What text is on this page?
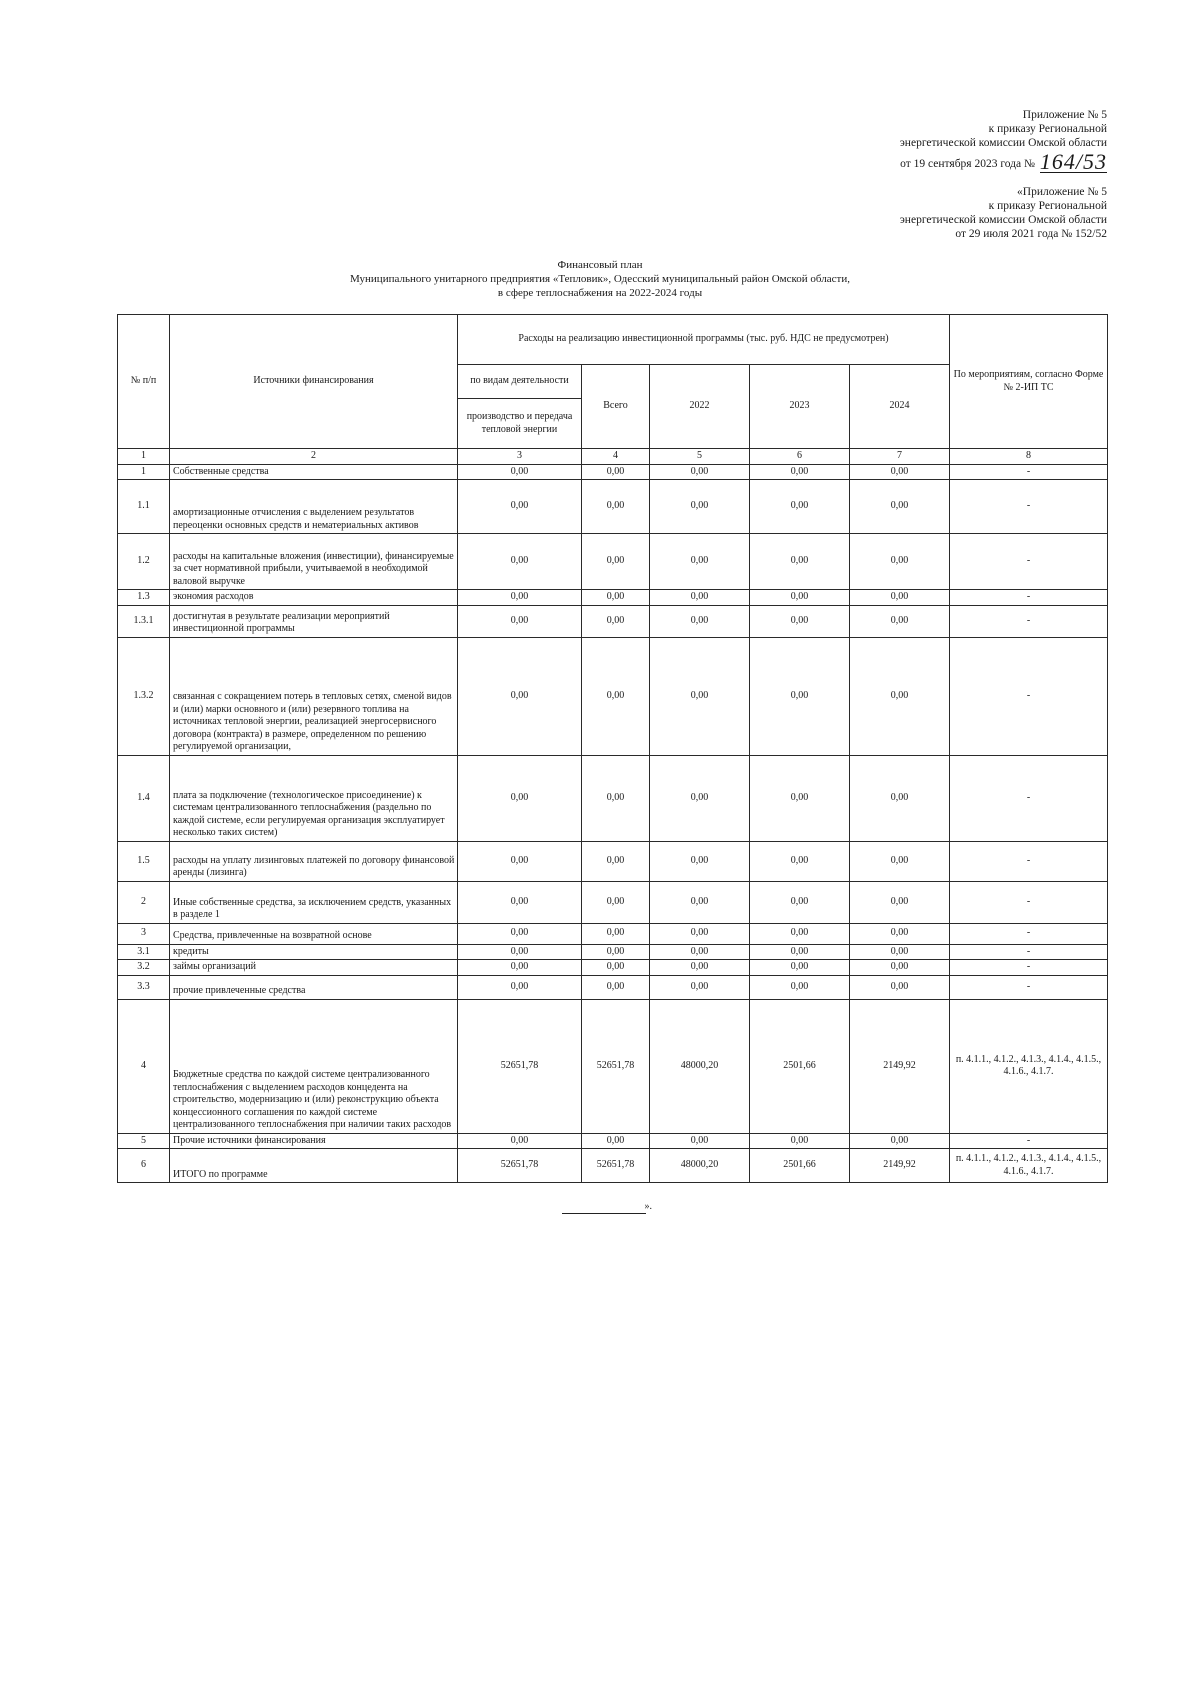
Приложение № 5
к приказу Региональной
энергетической комиссии Омской области
от 19 сентября 2023 года № 164/53
«Приложение № 5
к приказу Региональной
энергетической комиссии Омской области
от 29 июля 2021 года № 152/52
Финансовый план
Муниципального унитарного предприятия «Тепловик», Одесский муниципальный район Омской области,
в сфере теплоснабжения на 2022-2024 годы
№ п/п	Источники финансирования	Расходы на реализацию инвестиционной программы (тыс. руб. НДС не предусмотрен)					По мероприятиям, согласно Форме № 2-ИП ТС
		по видам деятельности	Всего	2022	2023	2024	
		производство и передача тепловой энергии					
1	2	3	4	5	6	7	8
1	Собственные средства	0,00	0,00	0,00	0,00	0,00	-
1.1	амортизационные отчисления с выделением результатов переоценки основных средств и нематериальных активов	0,00	0,00	0,00	0,00	0,00	-
1.2	расходы на капитальные вложения (инвестиции), финансируемые за счет нормативной прибыли, учитываемой в необходимой валовой выручке	0,00	0,00	0,00	0,00	0,00	-
1.3	экономия расходов	0,00	0,00	0,00	0,00	0,00	-
1.3.1	достигнутая в результате реализации мероприятий инвестиционной программы	0,00	0,00	0,00	0,00	0,00	-
1.3.2	связанная с сокращением потерь в тепловых сетях, сменой видов и (или) марки основного и (или) резервного топлива на источниках тепловой энергии, реализацией энергосервисного договора (контракта) в размере, определенном по решению регулируемой организации,	0,00	0,00	0,00	0,00	0,00	-
1.4	плата за подключение (технологическое присоединение) к системам централизованного теплоснабжения (раздельно по каждой системе, если регулируемая организация эксплуатирует несколько таких систем)	0,00	0,00	0,00	0,00	0,00	-
1.5	расходы на уплату лизинговых платежей по договору финансовой аренды (лизинга)	0,00	0,00	0,00	0,00	0,00	-
2	Иные собственные средства, за исключением средств, указанных в разделе 1	0,00	0,00	0,00	0,00	0,00	-
3	Средства, привлеченные на возвратной основе	0,00	0,00	0,00	0,00	0,00	-
3.1	кредиты	0,00	0,00	0,00	0,00	0,00	-
3.2	займы организаций	0,00	0,00	0,00	0,00	0,00	-
3.3	прочие привлеченные средства	0,00	0,00	0,00	0,00	0,00	-
4	Бюджетные средства по каждой системе централизованного теплоснабжения с выделением расходов концедента на строительство, модернизацию и (или) реконструкцию объекта концессионного соглашения по каждой системе централизованного теплоснабжения при наличии таких расходов	52651,78	52651,78	48000,20	2501,66	2149,92	п. 4.1.1., 4.1.2., 4.1.3., 4.1.4., 4.1.5., 4.1.6., 4.1.7.
5	Прочие источники финансирования	0,00	0,00	0,00	0,00	0,00	-
6	ИТОГО по программе	52651,78	52651,78	48000,20	2501,66	2149,92	п. 4.1.1., 4.1.2., 4.1.3., 4.1.4., 4.1.5., 4.1.6., 4.1.7.
».
